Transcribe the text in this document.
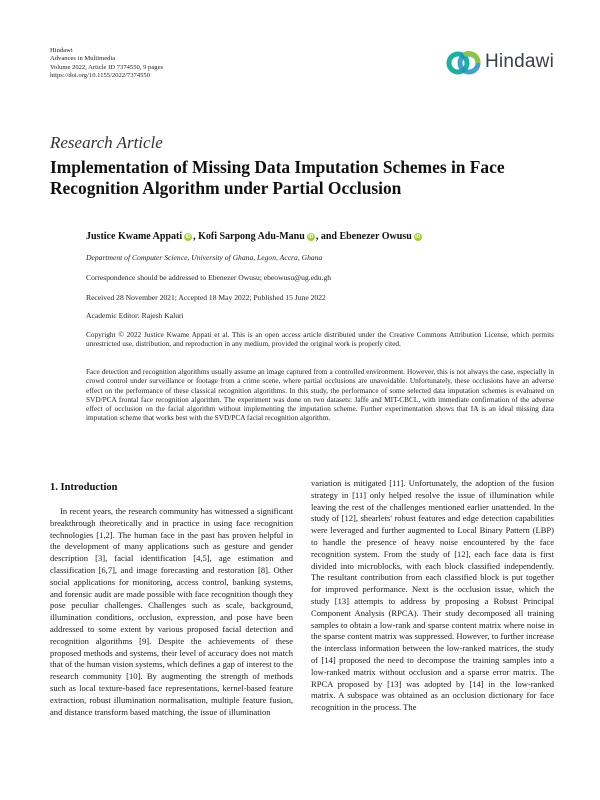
Hindawi
Advances in Multimedia
Volume 2022, Article ID 7374550, 9 pages
https://doi.org/10.1155/2022/7374550
Hindawi
Research Article
Implementation of Missing Data Imputation Schemes in Face Recognition Algorithm under Partial Occlusion
Justice Kwame Appati iD , Kofi Sarpong Adu-Manu iD , and Ebenezer Owusu iD
Department of Computer Science, University of Ghana, Legon, Accra, Ghana
Correspondence should be addressed to Ebenezer Owusu; ebeowusu@ug.edu.gh
Received 28 November 2021; Accepted 18 May 2022; Published 15 June 2022
Academic Editor: Rajesh Kaluri

Copyright © 2022 Justice Kwame Appati et al. This is an open access article distributed under the Creative Commons Attribution License, which permits unrestricted use, distribution, and reproduction in any medium, provided the original work is properly cited.

Face detection and recognition algorithms usually assume an image captured from a controlled environment. However, this is not always the case, especially in crowd control under surveillance or footage from a crime scene, where partial occlusions are unavoidable. Unfortunately, these occlusions have an adverse effect on the performance of these classical recognition algorithms. In this study, the performance of some selected data imputation schemes is evaluated on SVD/PCA frontal face recognition algorithm. The experiment was done on two datasets: Jaffe and MIT-CBCL, with immediate confirmation of the adverse effect of occlusion on the facial algorithm without implementing the imputation scheme. Further experimentation shows that IA is an ideal missing data imputation scheme that works best with the SVD/PCA facial recognition algorithm.

1. Introduction

In recent years, the research community has witnessed a significant breakthrough theoretically and in practice in using face recognition technologies [1,2]. The human face in the past has proven helpful in the development of many applications such as gesture and gender description [3], facial identification [4,5], age estimation and classification [6,7], and image forecasting and restoration [8]. Other social applications for monitoring, access control, banking systems, and forensic audit are made possible with face recognition though they pose peculiar challenges. Challenges such as scale, background, illumination conditions, occlusion, expression, and pose have been addressed to some extent by various proposed facial detection and recognition algorithms [9]. Despite the achievements of these proposed methods and systems, their level of accuracy does not match that of the human vision systems, which defines a gap of interest to the research community [10]. By augmenting the strength of methods such as local texture-based face representations, kernel-based feature extraction, robust illumination normalisation, multiple feature fusion, and distance transform based matching, the issue of illumination

variation is mitigated [11]. Unfortunately, the adoption of the fusion strategy in [11] only helped resolve the issue of illumination while leaving the rest of the challenges mentioned earlier unattended. In the study of [12], shearlets' robust features and edge detection capabilities were leveraged and further augmented to Local Binary Pattern (LBP) to handle the presence of heavy noise encountered by the face recognition system. From the study of [12], each face data is first divided into microblocks, with each block classified independently. The resultant contribution from each classified block is put together for improved performance. Next is the occlusion issue, which the study [13] attempts to address by proposing a Robust Principal Component Analysis (RPCA). Their study decomposed all training samples to obtain a low-rank and sparse content matrix where noise in the sparse content matrix was suppressed. However, to further increase the interclass information between the low-ranked matrices, the study of [14] proposed the need to decompose the training samples into a low-ranked matrix without occlusion and a sparse error matrix. The RPCA proposed by [13] was adopted by [14] in the low-ranked matrix. A subspace was obtained as an occlusion dictionary for face recognition in the process. The
